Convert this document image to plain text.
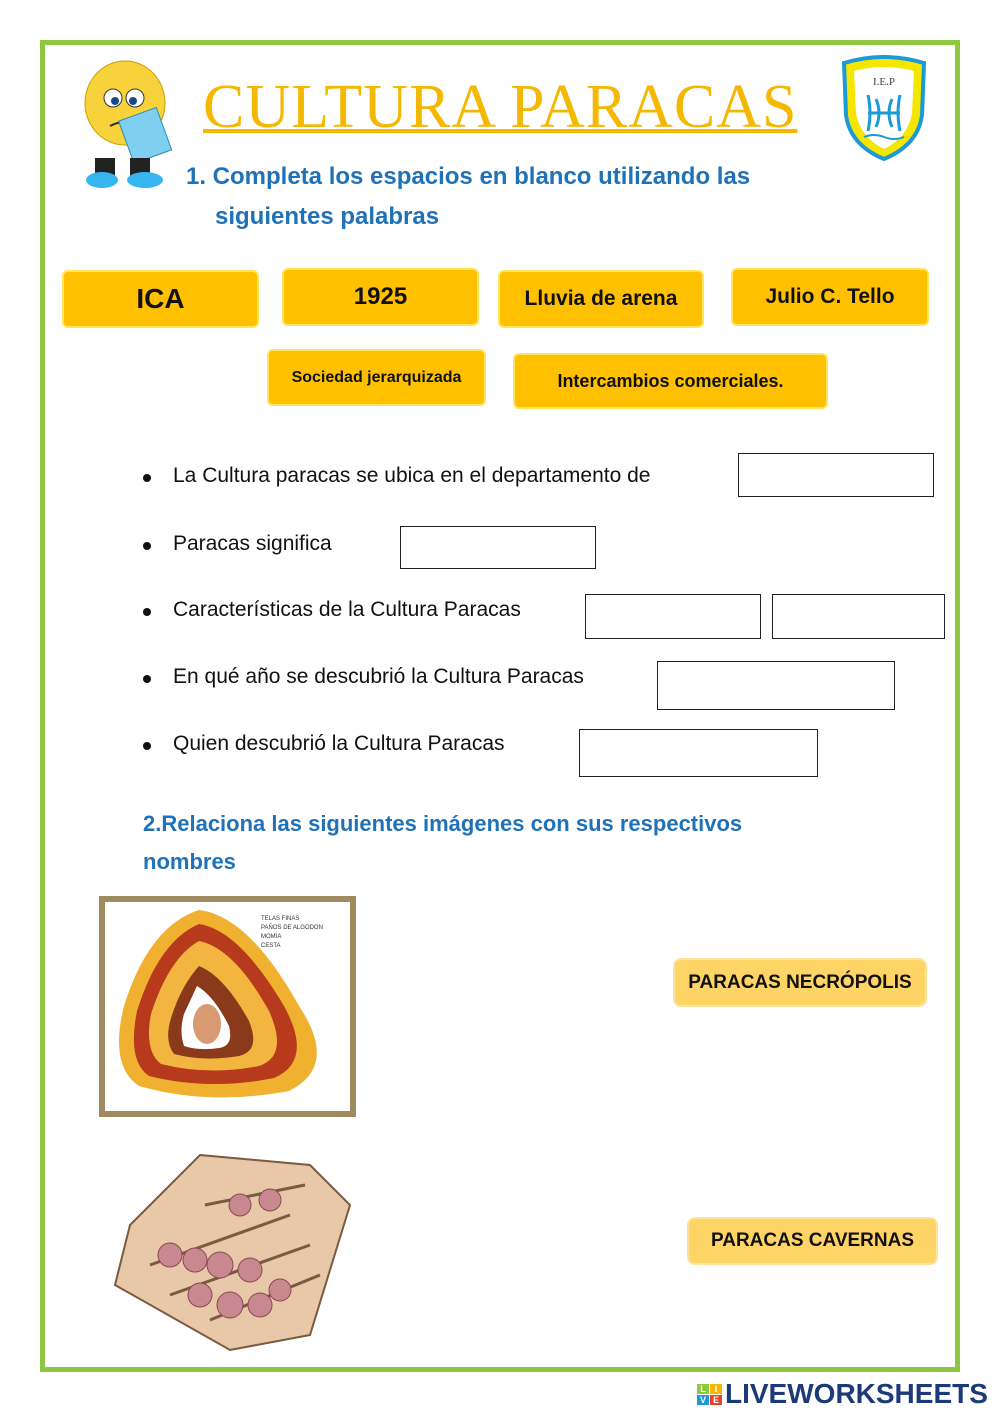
CULTURA PARACAS	I.E.P
1. Completa los espacios en blanco utilizando las
siguientes palabras
ICA	1925	Lluvia de arena	Julio C. Tello
Sociedad jerarquizada	Intercambios comerciales.
La Cultura paracas se ubica en el departamento de
Paracas significa
Características de la Cultura Paracas
En qué año se descubrió la Cultura Paracas
Quien descubrió la Cultura Paracas
2.Relaciona las siguientes imágenes con sus respectivos
nombres
TELAS FINAS
PAÑOS DE ALGODON
MOMIA
CESTA
PARACAS NECRÓPOLIS
PARACAS CAVERNAS
L I
V E LIVEWORKSHEETS
